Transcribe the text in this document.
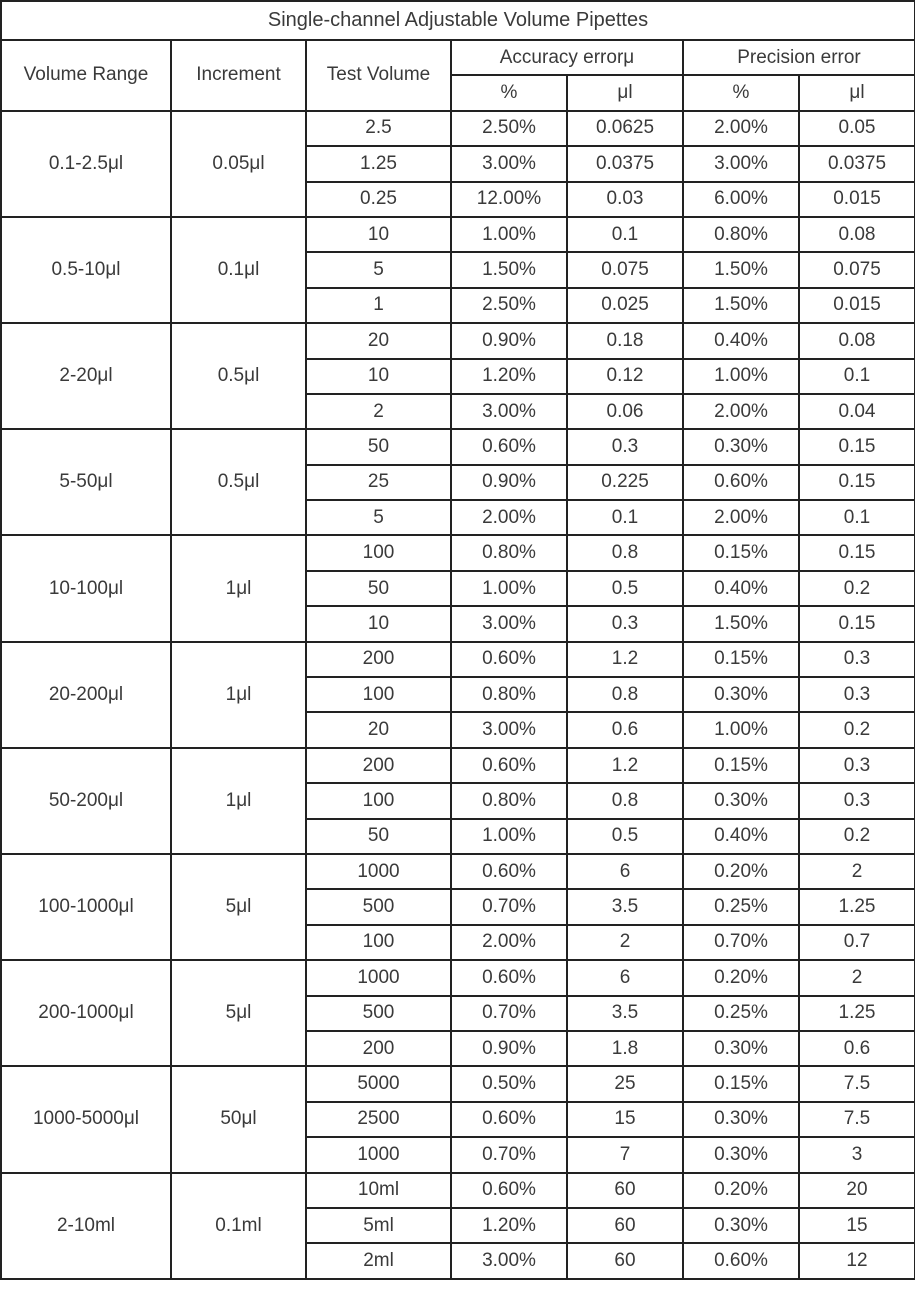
Single-channel Adjustable Volume Pipettes						
Volume Range	Increment	Test Volume	Accuracy errorμ		Precision error	
			%	μl	%	μl
0.1-2.5μl	0.05μl	2.5	2.50%	0.0625	2.00%	0.05
		1.25	3.00%	0.0375	3.00%	0.0375
		0.25	12.00%	0.03	6.00%	0.015
0.5-10μl	0.1μl	10	1.00%	0.1	0.80%	0.08
		5	1.50%	0.075	1.50%	0.075
		1	2.50%	0.025	1.50%	0.015
2-20μl	0.5μl	20	0.90%	0.18	0.40%	0.08
		10	1.20%	0.12	1.00%	0.1
		2	3.00%	0.06	2.00%	0.04
5-50μl	0.5μl	50	0.60%	0.3	0.30%	0.15
		25	0.90%	0.225	0.60%	0.15
		5	2.00%	0.1	2.00%	0.1
10-100μl	1μl	100	0.80%	0.8	0.15%	0.15
		50	1.00%	0.5	0.40%	0.2
		10	3.00%	0.3	1.50%	0.15
20-200μl	1μl	200	0.60%	1.2	0.15%	0.3
		100	0.80%	0.8	0.30%	0.3
		20	3.00%	0.6	1.00%	0.2
50-200μl	1μl	200	0.60%	1.2	0.15%	0.3
		100	0.80%	0.8	0.30%	0.3
		50	1.00%	0.5	0.40%	0.2
100-1000μl	5μl	1000	0.60%	6	0.20%	2
		500	0.70%	3.5	0.25%	1.25
		100	2.00%	2	0.70%	0.7
200-1000μl	5μl	1000	0.60%	6	0.20%	2
		500	0.70%	3.5	0.25%	1.25
		200	0.90%	1.8	0.30%	0.6
1000-5000μl	50μl	5000	0.50%	25	0.15%	7.5
		2500	0.60%	15	0.30%	7.5
		1000	0.70%	7	0.30%	3
2-10ml	0.1ml	10ml	0.60%	60	0.20%	20
		5ml	1.20%	60	0.30%	15
		2ml	3.00%	60	0.60%	12
